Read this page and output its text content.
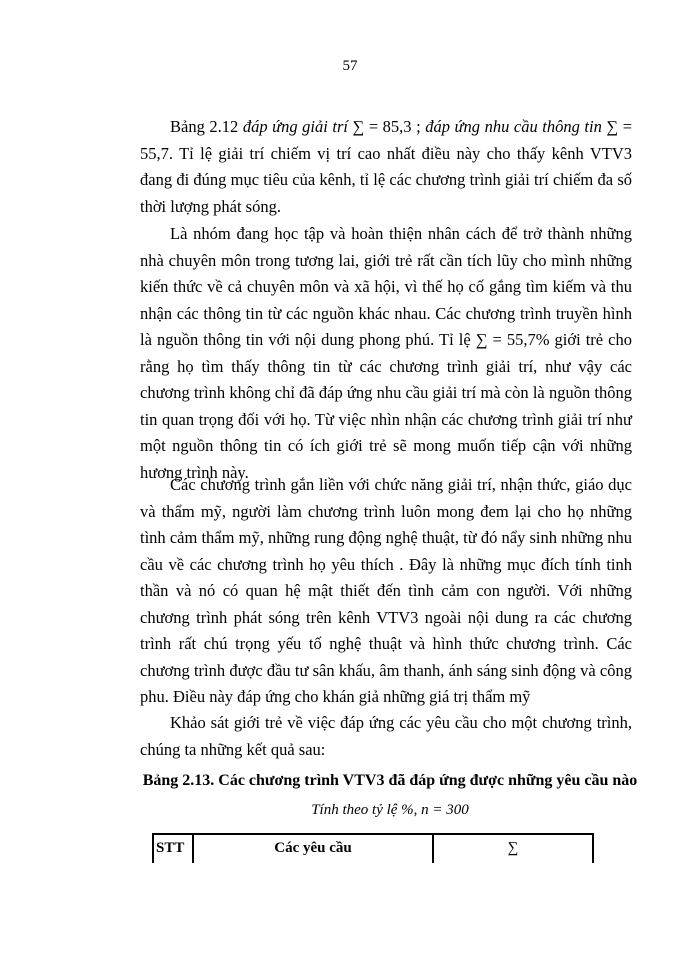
57
Bảng 2.12 đáp ứng giải trí ∑ = 85,3 ; đáp ứng nhu cầu thông tin ∑ = 55,7. Tỉ lệ giải trí chiếm vị trí cao nhất điều này cho thấy kênh VTV3 đang đi đúng mục tiêu của kênh, tỉ lệ các chương trình giải trí chiếm đa số thời lượng phát sóng.
Là nhóm đang học tập và hoàn thiện nhân cách để trở thành những nhà chuyên môn trong tương lai, giới trẻ rất cần tích lũy cho mình những kiến thức về cả chuyên môn và xã hội, vì thế họ cố gắng tìm kiếm và thu nhận các thông tin từ các nguồn khác nhau. Các chương trình truyền hình là nguồn thông tin với nội dung phong phú. Tỉ lệ ∑ = 55,7% giới trẻ cho rằng họ tìm thấy thông tin từ các chương trình giải trí, như vậy các chương trình không chỉ đã đáp ứng nhu cầu giải trí mà còn là nguồn thông tin quan trọng đối với họ. Từ việc nhìn nhận các chương trình giải trí như một nguồn thông tin có ích giới trẻ sẽ mong muốn tiếp cận với những hương trình này.
Các chương trình gắn liền với chức năng giải trí, nhận thức, giáo dục và thẩm mỹ, người làm chương trình luôn mong đem lại cho họ những tình cảm thẩm mỹ, những rung động nghệ thuật, từ đó nẩy sinh những nhu cầu về các chương trình họ yêu thích . Đây là những mục đích tính tinh thần và nó có quan hệ mật thiết đến tình cảm con người. Với những chương trình phát sóng trên kênh VTV3 ngoài nội dung ra các chương trình rất chú trọng yếu tố nghệ thuật và hình thức chương trình. Các chương trình được đầu tư sân khấu, âm thanh, ánh sáng sinh động và công phu. Điều này đáp ứng cho khán giả những giá trị thẩm mỹ
Khảo sát giới trẻ về việc đáp ứng các yêu cầu cho một chương trình, chúng ta những kết quả sau:
Bảng 2.13. Các chương trình VTV3 đã đáp ứng được những yêu cầu nào
Tính theo tỷ lệ %, n = 300
STT	Các yêu cầu	∑
